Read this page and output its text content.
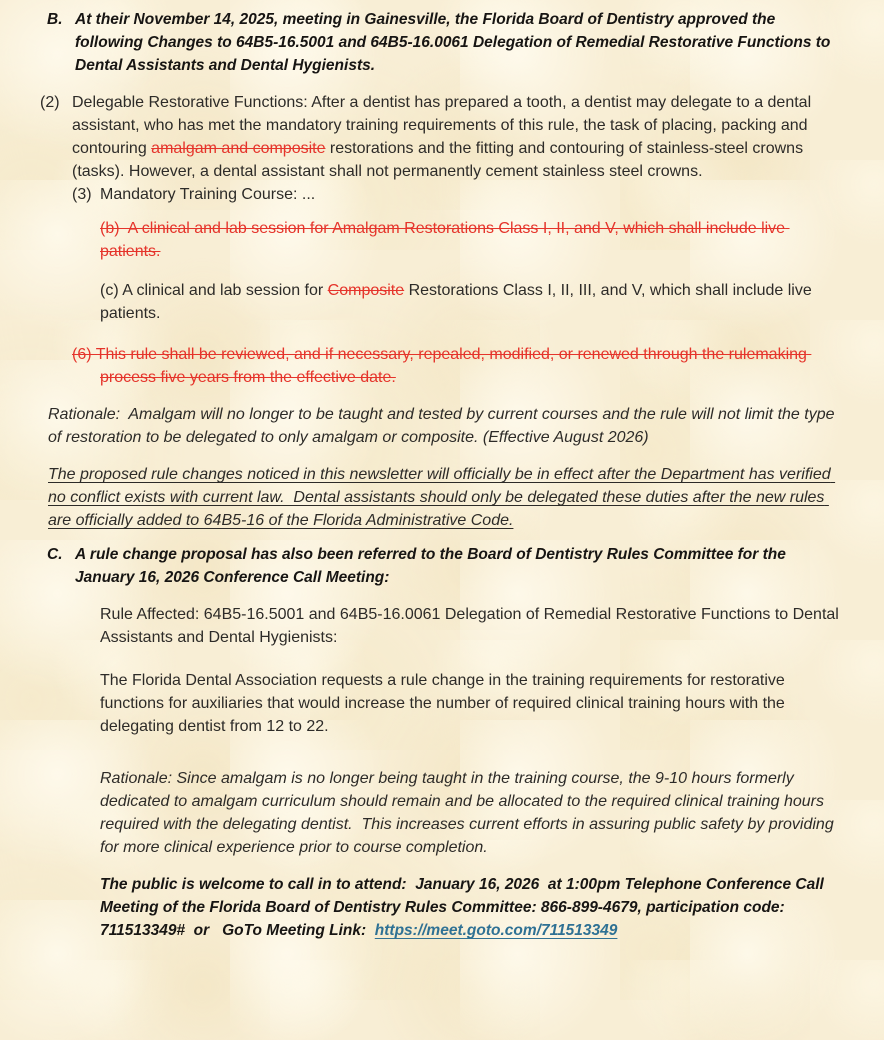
B. At their November 14, 2025, meeting in Gainesville, the Florida Board of Dentistry approved the following Changes to 64B5-16.5001 and 64B5-16.0061 Delegation of Remedial Restorative Functions to Dental Assistants and Dental Hygienists.
(2) Delegable Restorative Functions: After a dentist has prepared a tooth, a dentist may delegate to a dental assistant, who has met the mandatory training requirements of this rule, the task of placing, packing and contouring amalgam and composite restorations and the fitting and contouring of stainless-steel crowns (tasks). However, a dental assistant shall not permanently cement stainless steel crowns.
(3) Mandatory Training Course: ...
(b)  A clinical and lab session for Amalgam Restorations Class I, II, and V, which shall include live patients.
(c) A clinical and lab session for Composite Restorations Class I, II, III, and V, which shall include live patients.
(6) This rule shall be reviewed, and if necessary, repealed, modified, or renewed through the rulemaking process five years from the effective date.
Rationale:  Amalgam will no longer to be taught and tested by current courses and the rule will not limit the type of restoration to be delegated to only amalgam or composite. (Effective August 2026)
The proposed rule changes noticed in this newsletter will officially be in effect after the Department has verified no conflict exists with current law.  Dental assistants should only be delegated these duties after the new rules are officially added to 64B5-16 of the Florida Administrative Code.
C. A rule change proposal has also been referred to the Board of Dentistry Rules Committee for the January 16, 2026 Conference Call Meeting:
Rule Affected: 64B5-16.5001 and 64B5-16.0061 Delegation of Remedial Restorative Functions to Dental Assistants and Dental Hygienists:
The Florida Dental Association requests a rule change in the training requirements for restorative functions for auxiliaries that would increase the number of required clinical training hours with the delegating dentist from 12 to 22.
Rationale: Since amalgam is no longer being taught in the training course, the 9-10 hours formerly dedicated to amalgam curriculum should remain and be allocated to the required clinical training hours required with the delegating dentist.  This increases current efforts in assuring public safety by providing for more clinical experience prior to course completion.
The public is welcome to call in to attend:  January 16, 2026  at 1:00pm Telephone Conference Call Meeting of the Florida Board of Dentistry Rules Committee: 866-899-4679, participation code:  711513349#  or   GoTo Meeting Link:  https://meet.goto.com/711513349
